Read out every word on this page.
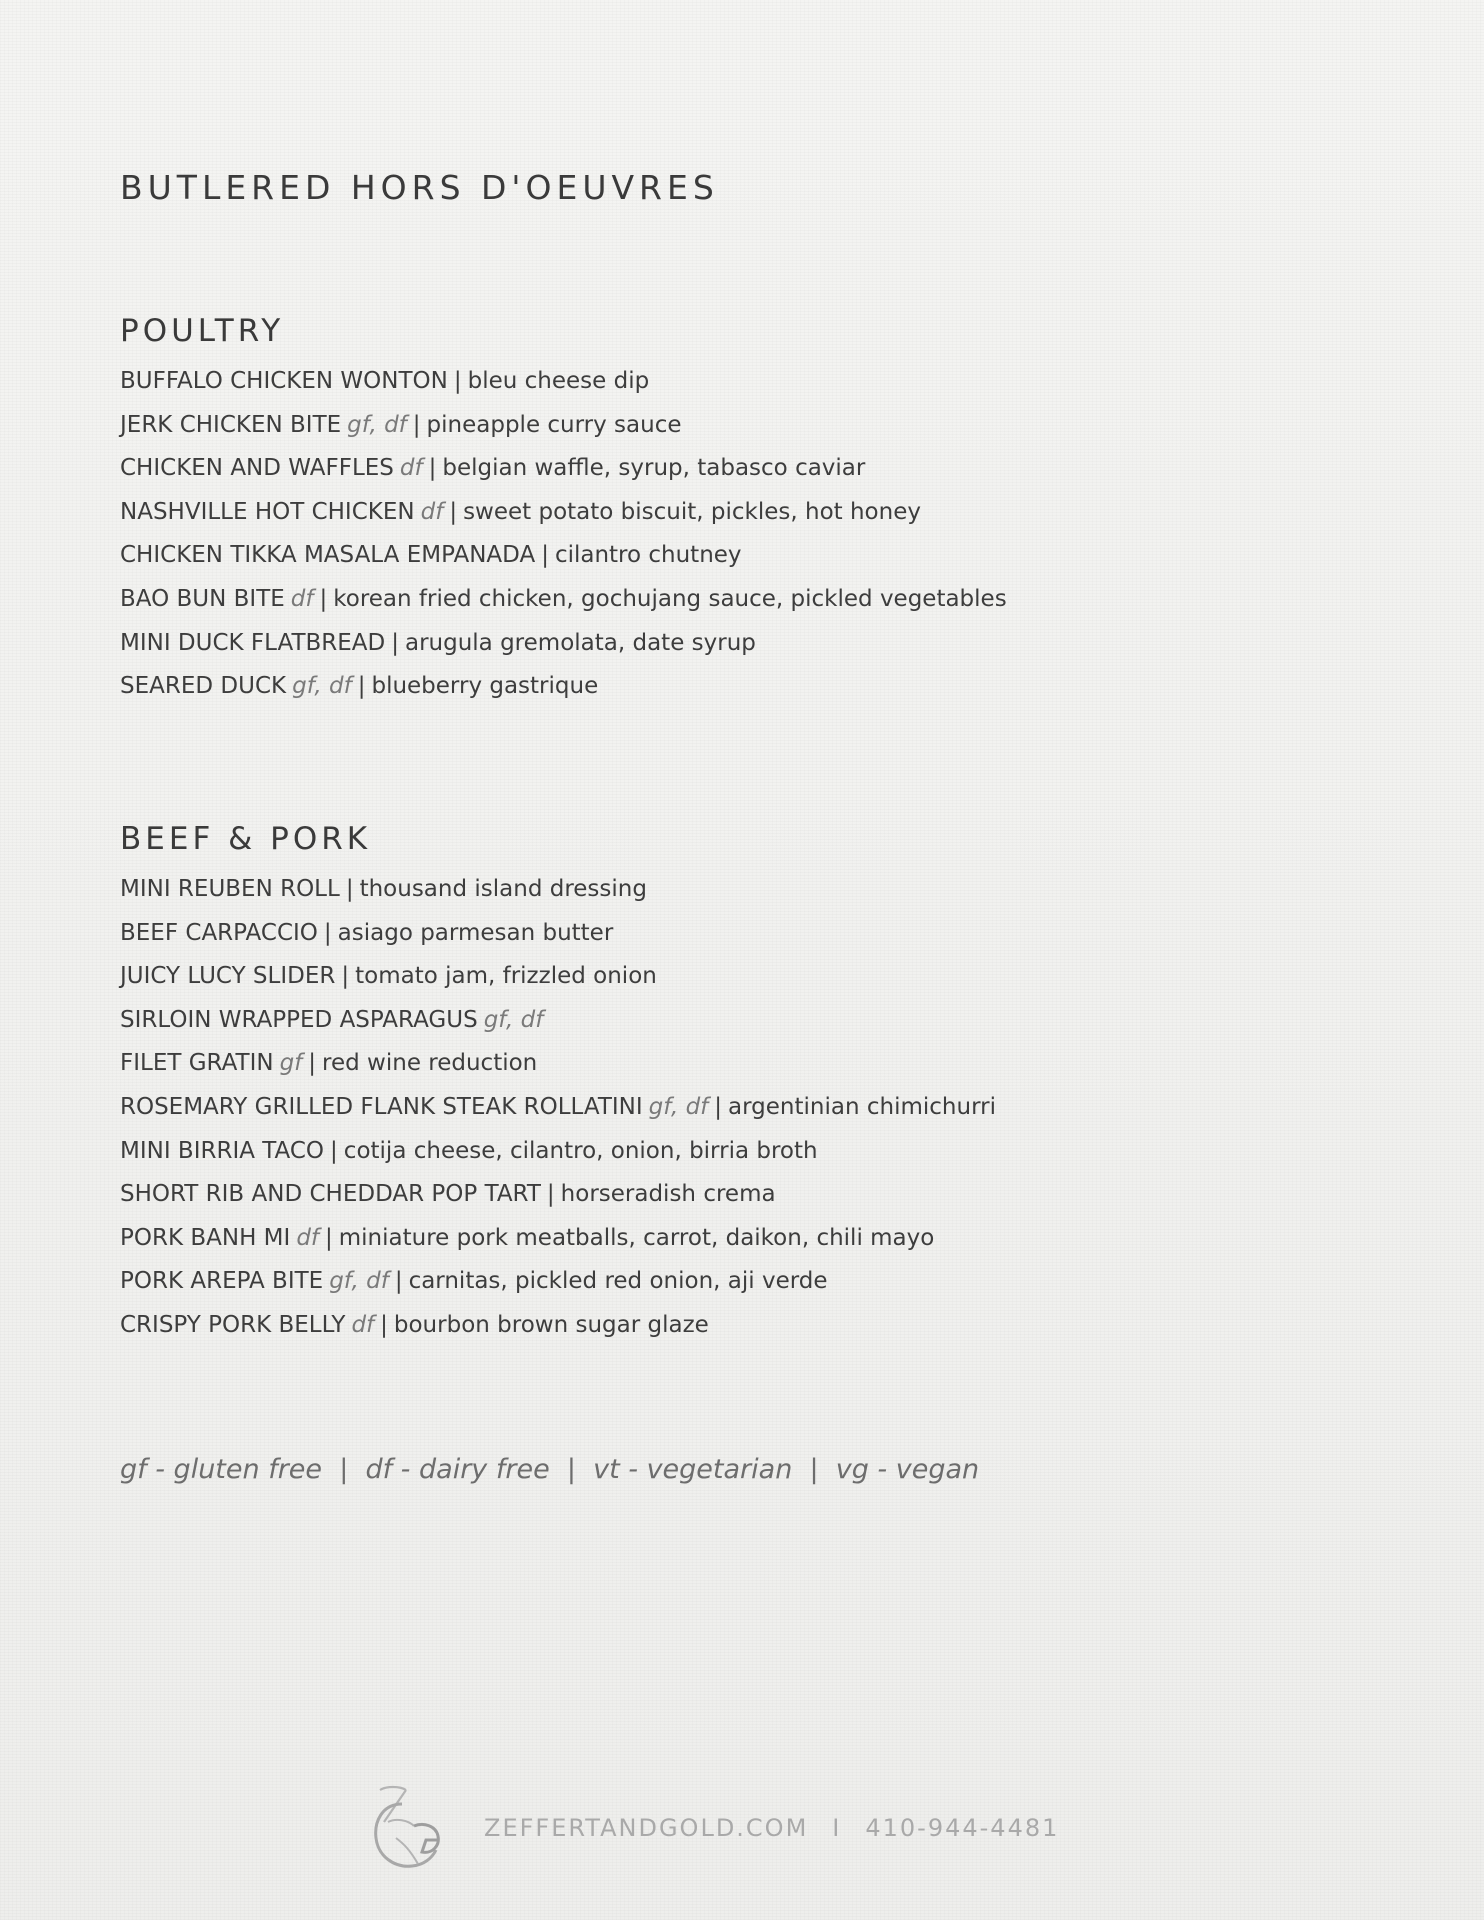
BUTLERED HORS D'OEUVRES
POULTRY
BUFFALO CHICKEN WONTON | bleu cheese dip
JERK CHICKEN BITE gf, df | pineapple curry sauce
CHICKEN AND WAFFLES df | belgian waffle, syrup, tabasco caviar
NASHVILLE HOT CHICKEN df | sweet potato biscuit, pickles, hot honey
CHICKEN TIKKA MASALA EMPANADA | cilantro chutney
BAO BUN BITE df | korean fried chicken, gochujang sauce, pickled vegetables
MINI DUCK FLATBREAD | arugula gremolata, date syrup
SEARED DUCK gf, df | blueberry gastrique
BEEF & PORK
MINI REUBEN ROLL | thousand island dressing
BEEF CARPACCIO | asiago parmesan butter
JUICY LUCY SLIDER | tomato jam, frizzled onion
SIRLOIN WRAPPED ASPARAGUS gf, df
FILET GRATIN gf | red wine reduction
ROSEMARY GRILLED FLANK STEAK ROLLATINI gf, df | argentinian chimichurri
MINI BIRRIA TACO | cotija cheese, cilantro, onion, birria broth
SHORT RIB AND CHEDDAR POP TART | horseradish crema
PORK BANH MI df | miniature pork meatballs, carrot, daikon, chili mayo
PORK AREPA BITE gf, df | carnitas, pickled red onion, aji verde
CRISPY PORK BELLY df | bourbon brown sugar glaze
gf - gluten free  |  df - dairy free  |  vt - vegetarian  |  vg - vegan
ZEFFERTANDGOLD.COM I 410-944-4481
